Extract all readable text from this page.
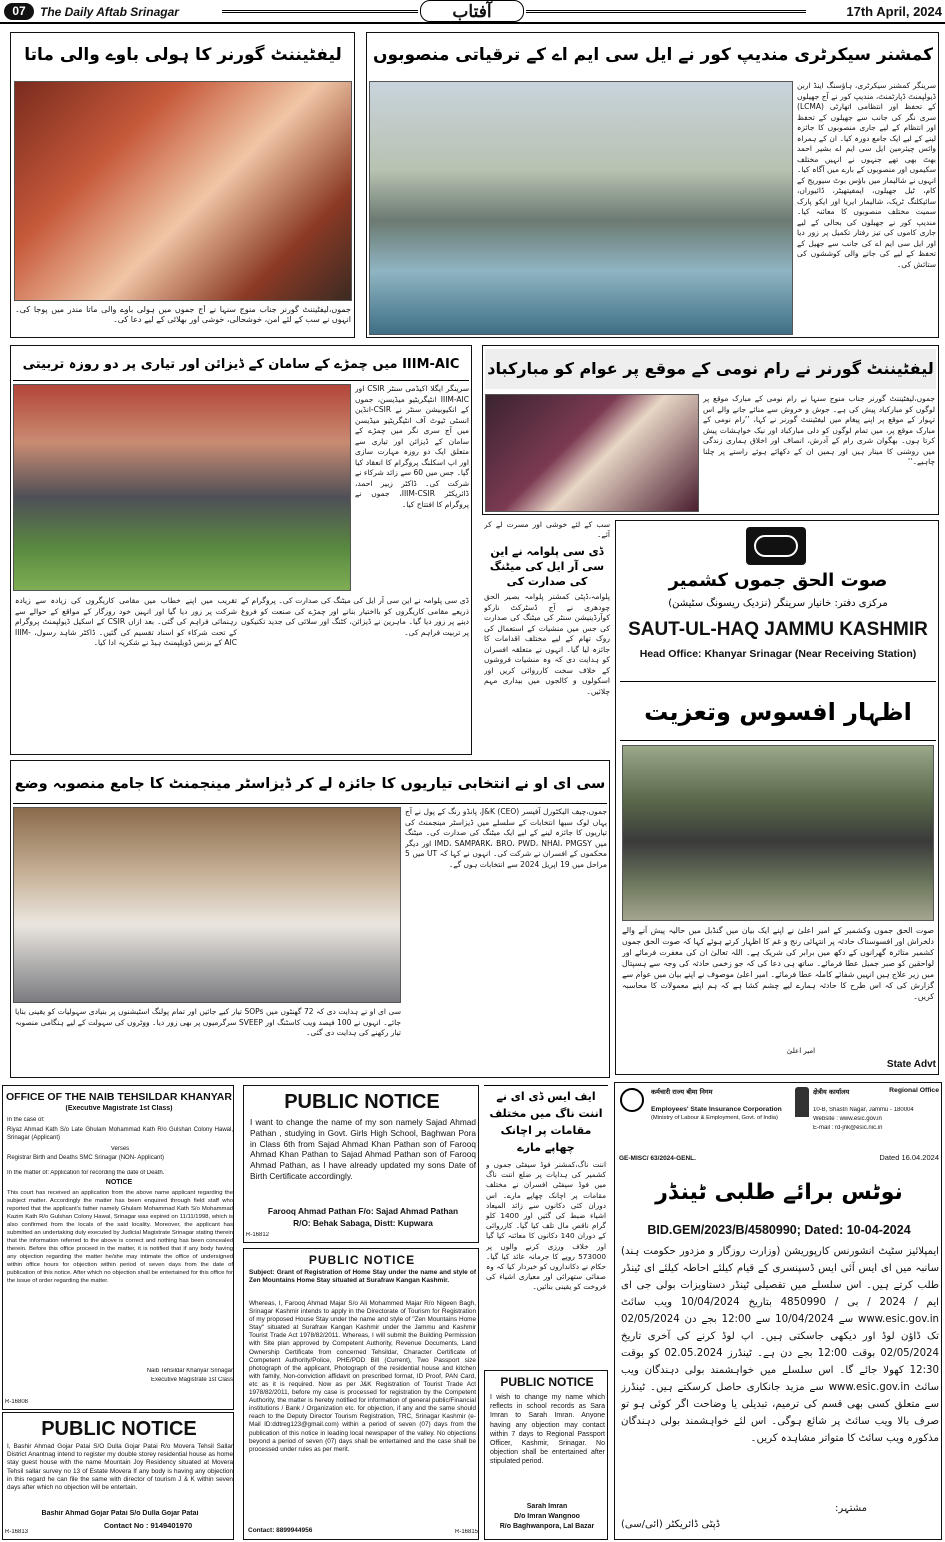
07	The Daily Aftab Srinagar	آفتاب	17th April, 2024
لیفٹیننٹ گورنر کا ہولی باوے والی ماتا
جموں،لیفٹیننٹ گورنر جناب منوج سنہا نے آج جموں میں ہولی باوے والی ماتا مندر میں پوجا کی۔ انہوں نے سب کے لئے امن، خوشحالی، خوشی اور بھلائی کے لیے دعا کی۔
کمشنر سیکرٹری مندیپ کور نے ایل سی ایم اے کے ترقیاتی منصوبوں
سرینگر کمشنر سیکرٹری، ہاؤسنگ اینڈ اربن ڈیولپمنٹ ڈپارٹمنٹ، مندیپ کور نے آج جھیلوں کے تحفظ اور انتظامی اتھارٹی (LCMA) سری نگر کی جانب سے جھیلوں کے تحفظ اور انتظام کے لیے جاری منصوبوں کا جائزہ لینے کے لیے ایک جامع دورہ کیا۔ ان کے ہمراہ وائس چیئرمین ایل سی ایم اے بشیر احمد بھٹ بھی تھے جنہوں نے انہیں مختلف سکیموں اور منصوبوں کے بارے میں آگاہ کیا۔ انہوں نے شالیمار میں باؤس بوٹ سیوریج کے کام، ٹیل جھیلوں، ایمفیتھیٹر، ڈائیوراں، سائیکلنگ ٹریک، شالیمار ایریا اور ایکو پارک سمیت مختلف منصوبوں کا معائنہ کیا۔ مندیپ کور نے جھیلوں کی بحالی کے لیے جاری کاموں کی تیز رفتار تکمیل پر زور دیا اور ایل سی ایم اے کی جانب سے جھیل کے تحفظ کے لیے کی جانے والی کوششوں کی ستائش کی۔
IIIM-AIC میں چمڑے کے سامان کے ڈیزائن اور تیاری پر دو روزہ تربیتی
سرینگر ایگلا اکیڈمی سنٹر CSIR اور IIIM-AIC انٹیگریٹیو میڈیسن، جموں کے انکیوبیشن سنٹر نے CSIR-انڈین انسٹی ٹیوٹ آف انٹیگریٹیو میڈیسن میں آج سری نگر میں چمڑے کے سامان کے ڈیزائن اور تیاری سے متعلق ایک دو روزہ مہارت سازی اور اپ اسکلنگ پروگرام کا انعقاد کیا گیا۔ جس میں 60 سے زائد شرکاء نے شرکت کی۔ ڈاکٹر زبیر احمد، ڈائریکٹر IIIM-CSIR، جموں نے پروگرام کا افتتاح کیا۔
ڈی سی پلوامہ نے این سی آر ایل کی میٹنگ کی صدارت کی۔ پروگرام کے ذریعے مقامی کاریگروں کو بااختیار بنانے اور چمڑے کی صنعت کو فروغ دینے پر زور دیا گیا۔ ماہرین نے ڈیزائن، کٹنگ اور سلائی کی جدید تکنیکوں پر تربیت فراہم کی۔
تقریب میں اپنے خطاب میں مقامی کاریگروں کی زیادہ سے زیادہ شرکت پر زور دیا گیا اور انہیں خود روزگار کے مواقع کے حوالے سے رہنمائی فراہم کی گئی۔ بعد ازاں CSIR کے اسکیل ڈیولپمنٹ پروگرام کے تحت شرکاء کو اسناد تقسیم کی گئیں۔ ڈاکٹر شاہد رسول، IIIM-AIC کے بزنس ڈویلپمنٹ ہیڈ نے شکریہ ادا کیا۔
لیفٹیننٹ گورنر نے رام نومی کے موقع پر عوام کو مبارکباد
جموں،لیفٹیننٹ گورنر جناب منوج سنہا نے رام نومی کے مبارک موقع پر لوگوں کو مبارکباد پیش کی ہے۔ جوش و خروش سے منائے جانے والے اس تہوار کے موقع پر اپنے پیغام میں لیفٹیننٹ گورنر نے کہا، ’’رام نومی کے مبارک موقع پر، میں تمام لوگوں کو دلی مبارکباد اور نیک خواہشات پیش کرتا ہوں۔ بھگوان شری رام کے آدرش، انصاف اور اخلاق ہماری زندگی میں روشنی کا مینار ہیں اور ہمیں ان کے دکھائے ہوئے راستے پر چلنا چاہیے۔‘‘
سب کے لئے خوشی اور مسرت لے کر آئے۔
ڈی سی پلوامہ نے این سی آر ایل کی میٹنگ کی صدارت کی
پلوامہ،ڈپٹی کمشنر پلوامہ بصیر الحق چودھری نے آج ڈسٹرکٹ نارکو کوآرڈینیشن سنٹر کی میٹنگ کی صدارت کی جس میں منشیات کے استعمال کی روک تھام کے لیے مختلف اقدامات کا جائزہ لیا گیا۔ انہوں نے متعلقہ افسران کو ہدایت دی کہ وہ منشیات فروشوں کے خلاف سخت کارروائی کریں اور اسکولوں و کالجوں میں بیداری مہم چلائیں۔
صوت الحق جموں کشمیر
مرکزی دفتر: خانیار سرینگر (نزدیک ریسونگ سٹیشن)
SAUT-UL-HAQ JAMMU KASHMIR
Head Office: Khanyar Srinagar (Near Receiving Station)
اظہار افسوس وتعزیت
صوت الحق جموں وکشمیر کے امیر اعلیٰ نے اپنے ایک بیان میں گنڈبل میں حالیہ پیش آنے والے دلخراش اور افسوسناک حادثہ پر انتہائی رنج و غم کا اظہار کرتے ہوئے کہا کہ صوت الحق جموں کشمیر متاثرہ گھرانوں کے دکھ میں برابر کی شریک ہے۔ اللہ تعالیٰ ان کی مغفرت فرمائے اور لواحقین کو صبر جمیل عطا فرمائے۔ ساتھ ہی دعا کی کہ جو زخمی حادثہ کی وجہ سے ہسپتال میں زیر علاج ہیں انہیں شفائے کاملہ عطا فرمائے۔ امیر اعلیٰ موصوف نے اپنے بیان میں عوام سے گزارش کی کہ اس طرح کا حادثہ ہمارے لیے چشم کشا ہے کہ ہم اپنے معمولات کا محاسبہ کریں۔
امیر اعلیٰ
State Advt
سی ای او نے انتخابی تیاریوں کا جائزہ لے کر ڈیزاسٹر مینجمنٹ کا جامع منصوبہ وضع
جموں،چیف الیکٹورل آفیسر (CEO) J&K، پانڈو رنگ کے پول نے آج یہاں لوک سبھا انتخابات کے سلسلے میں ڈیزاسٹر مینجمنٹ کی تیاریوں کا جائزہ لینے کے لیے ایک میٹنگ کی صدارت کی۔ میٹنگ میں IMD، SAMPARK، BRO، PWD، NHAI، PMGSY اور دیگر محکموں کے افسران نے شرکت کی۔ انہوں نے کہا کہ UT میں 5 مراحل میں 19 اپریل 2024 سے انتخابات ہوں گے۔
سی ای او نے ہدایت دی کہ 72 گھنٹوں میں SOPs تیار کیے جائیں اور تمام پولنگ اسٹیشنوں پر بنیادی سہولیات کو یقینی بنایا جائے۔ انہوں نے 100 فیصد ویب کاسٹنگ اور SVEEP سرگرمیوں پر بھی زور دیا۔ ووٹروں کی سہولت کے لیے ہنگامی منصوبہ تیار رکھنے کی ہدایت دی گئی۔
OFFICE OF THE NAIB TEHSILDAR KHANYAR
(Executive Magistrate 1st Class)
In the case of:
Riyaz Ahmad Kath S/o Late Ghulam Mohammad Kath R/o Gulshan Colony Hawal, Srinagar (Applicant)
Verses
Registrar Birth and Deaths SMC Srinagar (NON- Applicant)
In the matter of: Application for recording the date of Death.
NOTICE
This court has received an application from the above name applicant regarding the subject matter. Accordingly the matter has been enquired through field staff who reported that the applicant's father namely Ghulam Mohammad Kath S/o Mohammad Kazim Kath R/o Gulshan Colony Hawal, Srinagar was expired on 11/11/1998, which is also confirmed from the locals of the said locality. Moreover, the applicant has submitted an undertaking duly executed by Judicial Magistrate Srinagar stating therein that the information referred to the above is correct and nothing has been concealed therein. Before this office proceed in the matter, it is notified that if any body having any objection regarding the matter he/she may intimate the office of undersigned within office hours for objection within period of seven days from the date of publication of this notice. After which no objection shall be entertained for this office for the issue of order regarding the matter.
Naib Tehsildar Khanyar Srinagar
Executive Magistrate 1st Class
R-16808
PUBLIC NOTICE
I, Bashir Ahmad Gojar Patai S/O Dulla Gojar Patai R/o Movera Tehsil Sallar District Anantnag intend to register my double storey residential house as home stay guest house with the name Mountain Joy Residency situated at Movera Tehsil sallar survey no 13 of Estate Movera If any body is having any objection in this regard he can file the same with director of tourism J & K within seven days after which no objection will be entertain.
Bashir Ahmad Gojar Patai S/o Dulla Gojar Patai
Contact No : 9149401970
R-16813
PUBLIC NOTICE
I want to change the name of my son namely Sajad Ahmad Pathan , studying in Govt. Girls High School, Baghwan Pora in Class 6th from Sajad Ahmad Khan Pathan son of Farooq Ahmad Khan Pathan to Sajad Ahmad Pathan son of Farooq Ahmad Pathan, as I have already updated my sons Date of Birth Certificate accordingly.
Farooq Ahmad Pathan F/o: Sajad Ahmad Pathan
R/O: Behak Sabaga, Distt: Kupwara
R-16812
PUBLIC NOTICE
Subject: Grant of Registration of Home Stay under the name and style of Zen Mountains Home Stay situated at Surafraw Kangan Kashmir.
Whereas, I, Farooq Ahmad Majar S/o Ali Mohammed Majar R/o Nigeen Bagh, Srinagar Kashmir intends to apply in the Directorate of Tourism for Registration of my proposed House Stay under the name and style of "Zen Mountains Home Stay" situated at Surafraw Kangan Kashmir under the Jammu and Kashmir Tourist Trade Act 1978/82/2011. Whereas, I will submit the Building Permission with Site plan approved by Competent Authority, Revenue Documents, Land Ownership Certificate from concerned Tehsildar, Character Certificate of Competent Authority/Police, PHE/PDD Bill (Current), Two Passport size photograph of the applicant, Photograph of the residential house and kitchen with family, Non-conviction affidavit on prescribed format, ID Proof, PAN Card, etc as it is required. Now as per J&K Registration of Tourist Trade Act 1978/82/2011, before my case is processed for registration by the Competent Authority, the matter is hereby notified for information of general public/Financial institutions / Bank / Organization etc. for objection, if any and the same should reach to the Deputy Director Tourism Registration, TRC, Srinagar Kashmir (e-Mail ID:ddtreg123@gmail.com) within a period of seven (07) days from the publication of this notice in leading local newspaper of the valley. No objections beyond a period of seven (07) days shall be entertained and the case shall be processed under rules as per merit.
Contact: 8899944956	R-16815
ایف ایس ڈی ای نے اننت ناگ میں مختلف مقامات پر اچانک چھاپے مارے
اننت ناگ،کمشنر فوڈ سیفٹی جموں و کشمیر کی ہدایات پر ضلع اننت ناگ میں فوڈ سیفٹی افسران نے مختلف مقامات پر اچانک چھاپے مارے۔ اس دوران کئی دکانوں سے زائد المیعاد اشیاء ضبط کی گئیں اور 1400 کلو گرام ناقص مال تلف کیا گیا۔ کارروائی کے دوران 140 دکانوں کا معائنہ کیا گیا اور خلاف ورزی کرنے والوں پر 573000 روپے کا جرمانہ عائد کیا گیا۔ حکام نے دکانداروں کو خبردار کیا کہ وہ صفائی ستھرائی اور معیاری اشیاء کی فروخت کو یقینی بنائیں۔
PUBLIC NOTICE
I wish to change my name which reflects in school records as Sara Imran to Sarah Imran. Anyone having any objection may contact within 7 days to Regional Passport Officer, Kashmir, Srinagar. No objection shall be entertained after stipulated period.
Sarah Imran
D/o Imran Wangnoo
R/o Baghwanpora, Lal Bazar
कर्मचारी राज्य बीमा निगम
Employees' State Insurance Corporation
(Ministry of Labour & Employment, Govt. of India)
क्षेत्रीय कार्यालय	Regional Office
10-B, Shastri Nagar, Jammu - 180004
Website : www.esic.gov.in
E-mail : rd-jnk@esic.nic.in
GE-MISC/ 63/2024-GENL.	Dated 16.04.2024
نوٹس برائے طلبی ٹینڈر
BID.GEM/2023/B/4580990; Dated: 10-04-2024
ایمپلائیز سٹیٹ انشورنس کارپوریشن (وزارت روزگار و مزدور حکومت ہند) سانبہ میں ای ایس آئی ایس ڈسپنسری کے قیام کیلئے احاطہ کیلئے ای ٹینڈر طلب کرتے ہیں۔ اس سلسلے میں تفصیلی ٹینڈر دستاویزات بولی جی ای ایم / 2024 / بی / 4850990 بتاریخ 10/04/2024 ویب سائٹ www.esic.gov.in سے 10/04/2024 سے 12:00 بجے دن 02/05/2024 تک ڈاؤن لوڈ اور دیکھی جاسکتی ہیں۔ اپ لوڈ کرنے کی آخری تاریخ 02/05/2024 بوقت 12:00 بجے دن ہے۔ ٹینڈرز 02.05.2024 کو بوقت 12:30 کھولا جائے گا۔ اس سلسلے میں خواہشمند بولی دہندگان ویب سائٹ www.esic.gov.in سے مزید جانکاری حاصل کرسکتے ہیں۔ ٹینڈرز سے متعلق کسی بھی قسم کی ترمیم، تبدیلی یا وضاحت اگر کوئی ہو تو صرف بالا ویب سائٹ پر شائع ہوگی۔ اس لئے خواہشمند بولی دہندگان مذکورہ ویب سائٹ کا متواتر مشاہدہ کریں۔
مشتہر:
ڈپٹی ڈائریکٹر (آئی/سی)
